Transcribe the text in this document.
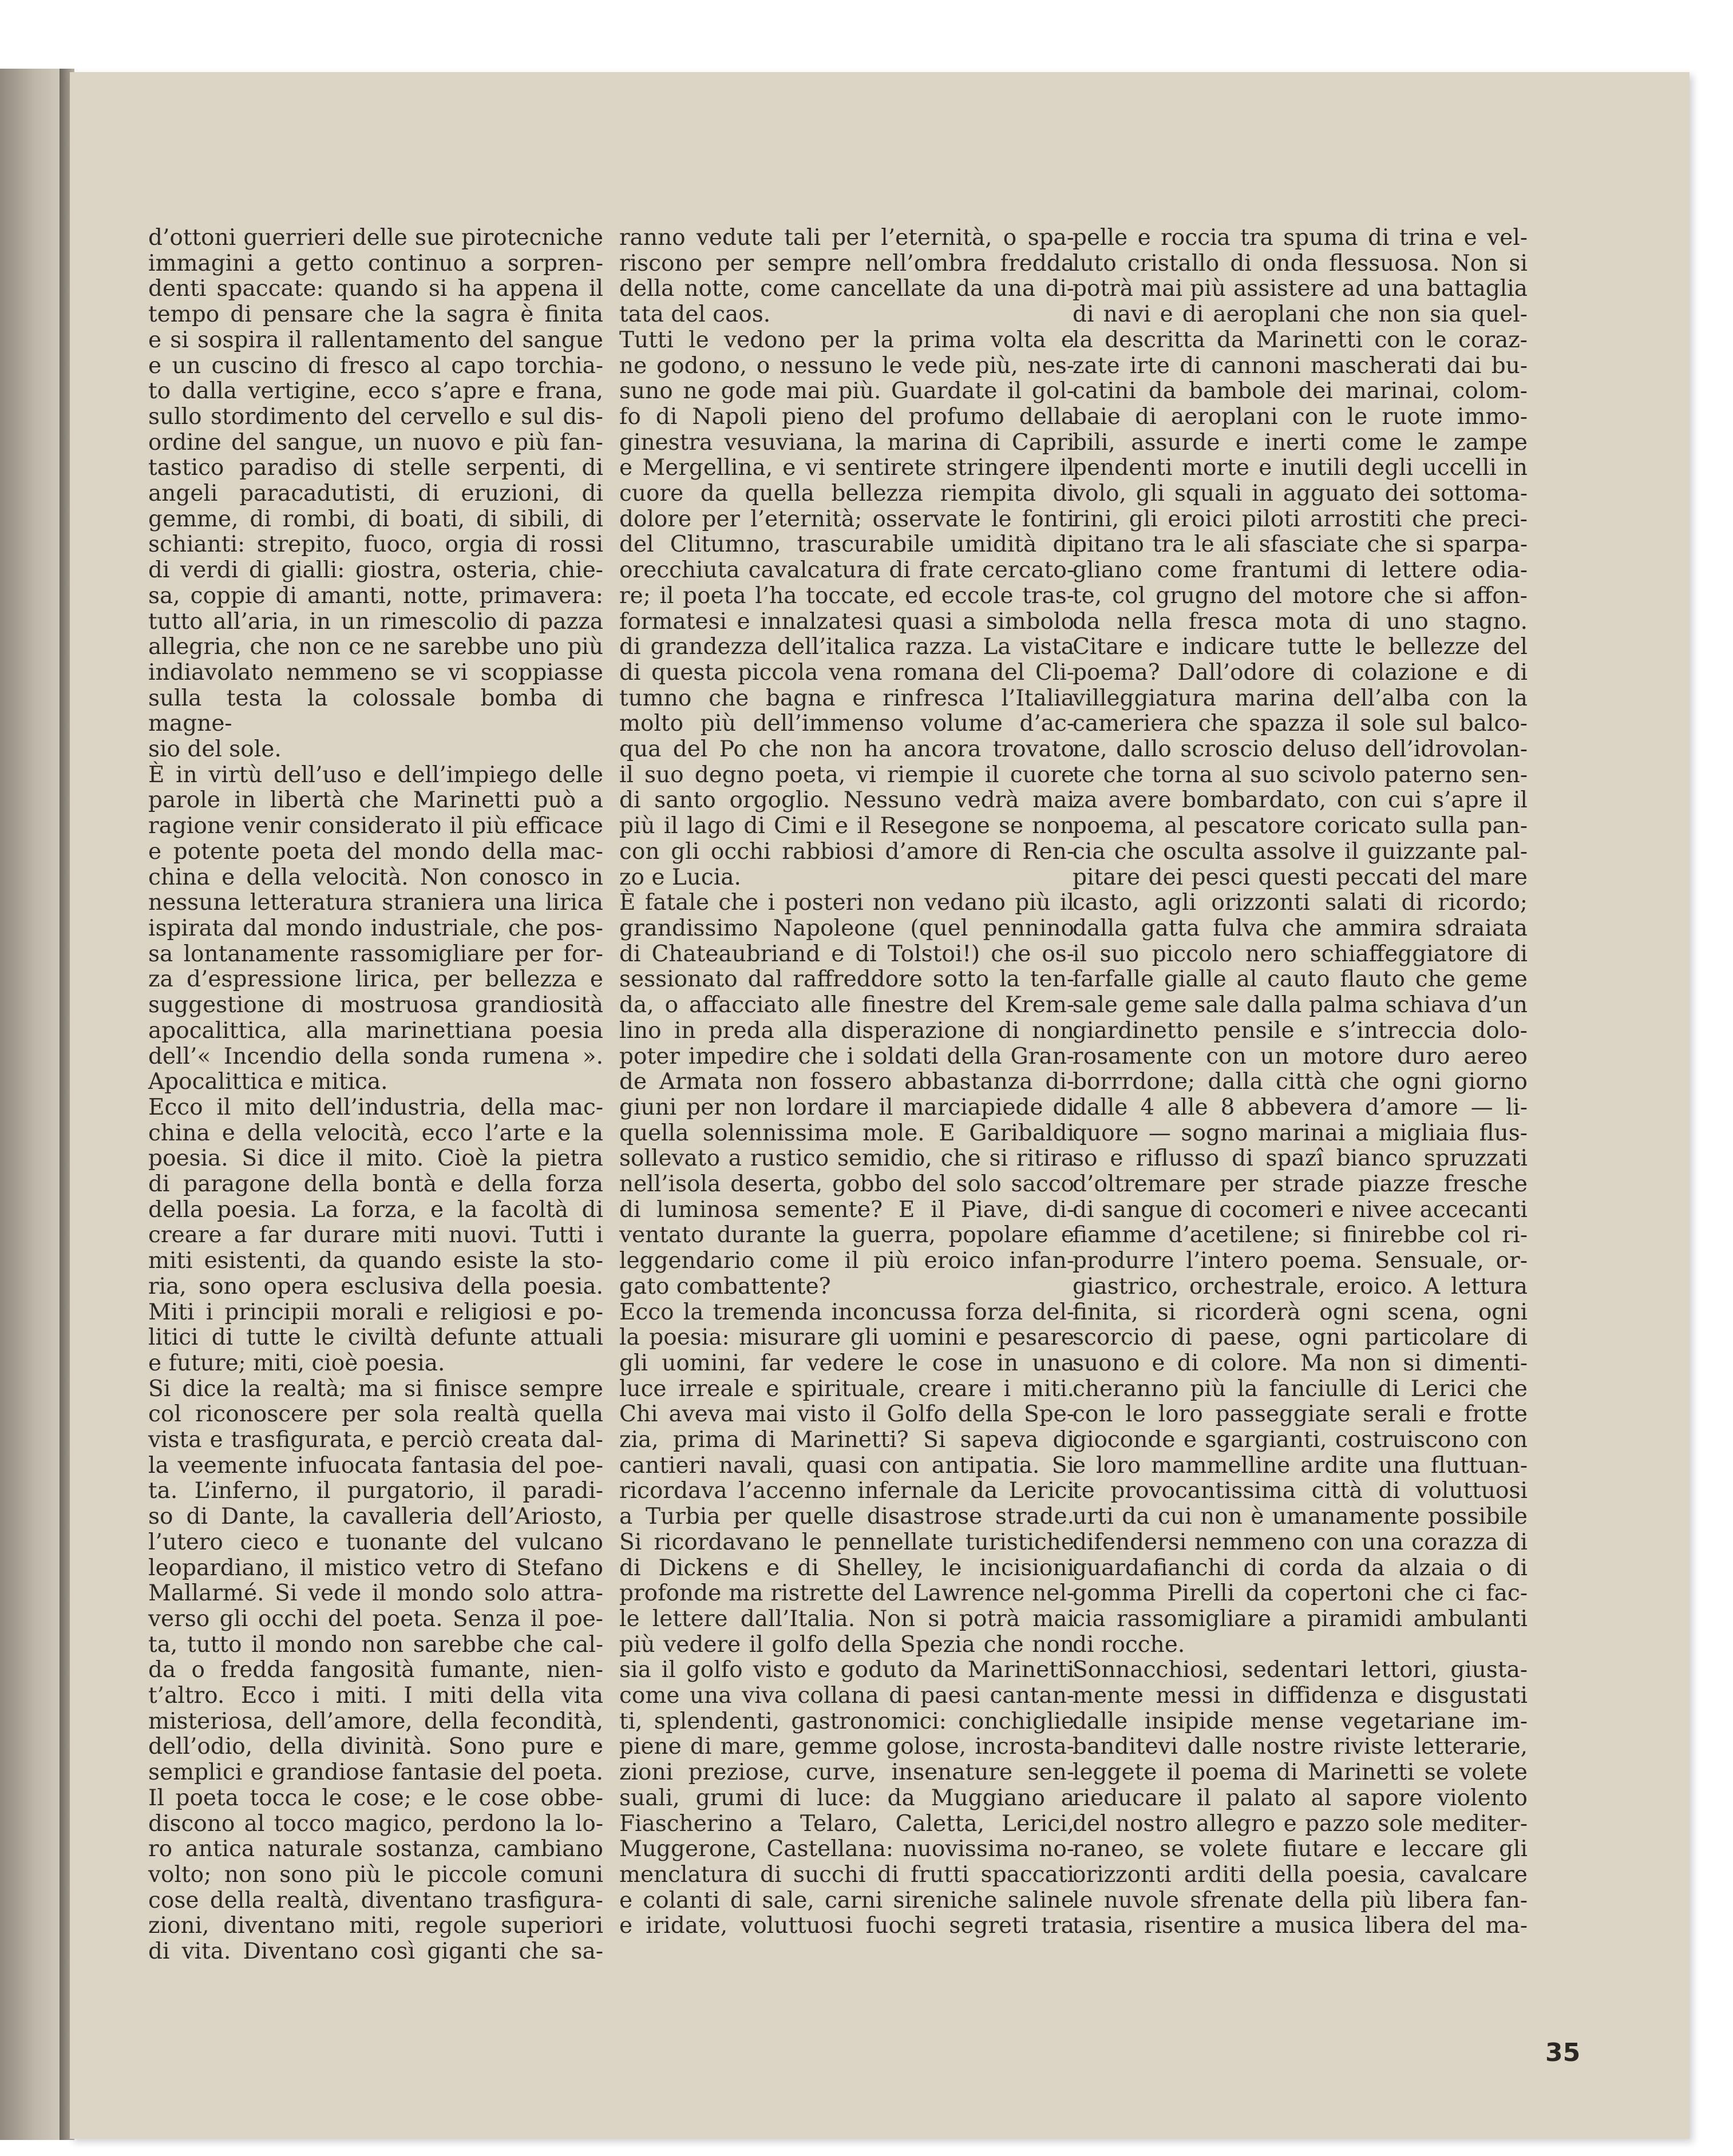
d’ottoni guerrieri delle sue pirotecniche

immagini a getto continuo a sorpren-

denti spaccate: quando si ha appena il

tempo di pensare che la sagra è finita

e si sospira il rallentamento del sangue

e un cuscino di fresco al capo torchia-

to dalla vertigine, ecco s’apre e frana,

sullo stordimento del cervello e sul dis-

ordine del sangue, un nuovo e più fan-

tastico paradiso di stelle serpenti, di

angeli paracadutisti, di eruzioni, di

gemme, di rombi, di boati, di sibili, di

schianti: strepito, fuoco, orgia di rossi

di verdi di gialli: giostra, osteria, chie-

sa, coppie di amanti, notte, primavera:

tutto all’aria, in un rimescolio di pazza

allegria, che non ce ne sarebbe uno più

indiavolato nemmeno se vi scoppiasse

sulla testa la colossale bomba di magne-

sio del sole.

È in virtù dell’uso e dell’impiego delle

parole in libertà che Marinetti può a

ragione venir considerato il più efficace

e potente poeta del mondo della mac-

china e della velocità. Non conosco in

nessuna letteratura straniera una lirica

ispirata dal mondo industriale, che pos-

sa lontanamente rassomigliare per for-

za d’espressione lirica, per bellezza e

suggestione di mostruosa grandiosità

apocalittica, alla marinettiana poesia

dell’« Incendio della sonda rumena ».

Apocalittica e mitica.

Ecco il mito dell’industria, della mac-

china e della velocità, ecco l’arte e la

poesia. Si dice il mito. Cioè la pietra

di paragone della bontà e della forza

della poesia. La forza, e la facoltà di

creare a far durare miti nuovi. Tutti i

miti esistenti, da quando esiste la sto-

ria, sono opera esclusiva della poesia.

Miti i principii morali e religiosi e po-

litici di tutte le civiltà defunte attuali

e future; miti, cioè poesia.

Si dice la realtà; ma si finisce sempre

col riconoscere per sola realtà quella

vista e trasfigurata, e perciò creata dal-

la veemente infuocata fantasia del poe-

ta. L’inferno, il purgatorio, il paradi-

so di Dante, la cavalleria dell’Ariosto,

l’utero cieco e tuonante del vulcano

leopardiano, il mistico vetro di Stefano

Mallarmé. Si vede il mondo solo attra-

verso gli occhi del poeta. Senza il poe-

ta, tutto il mondo non sarebbe che cal-

da o fredda fangosità fumante, nien-

t’altro. Ecco i miti. I miti della vita

misteriosa, dell’amore, della fecondità,

dell’odio, della divinità. Sono pure e

semplici e grandiose fantasie del poeta.

Il poeta tocca le cose; e le cose obbe-

discono al tocco magico, perdono la lo-

ro antica naturale sostanza, cambiano

volto; non sono più le piccole comuni

cose della realtà, diventano trasfigura-

zioni, diventano miti, regole superiori

di vita. Diventano così giganti che sa-

ranno vedute tali per l’eternità, o spa-

riscono per sempre nell’ombra fredda

della notte, come cancellate da una di-

tata del caos.

Tutti le vedono per la prima volta e

ne godono, o nessuno le vede più, nes-

suno ne gode mai più. Guardate il gol-

fo di Napoli pieno del profumo della

ginestra vesuviana, la marina di Capri

e Mergellina, e vi sentirete stringere il

cuore da quella bellezza riempita di

dolore per l’eternità; osservate le fonti

del Clitumno, trascurabile umidità di

orecchiuta cavalcatura di frate cercato-

re; il poeta l’ha toccate, ed eccole tras-

formatesi e innalzatesi quasi a simbolo

di grandezza dell’italica razza. La vista

di questa piccola vena romana del Cli-

tumno che bagna e rinfresca l’Italia

molto più dell’immenso volume d’ac-

qua del Po che non ha ancora trovato

il suo degno poeta, vi riempie il cuore

di santo orgoglio. Nessuno vedrà mai

più il lago di Cimi e il Resegone se non

con gli occhi rabbiosi d’amore di Ren-

zo e Lucia.

È fatale che i posteri non vedano più il

grandissimo Napoleone (quel pennino

di Chateaubriand e di Tolstoi!) che os-

sessionato dal raffreddore sotto la ten-

da, o affacciato alle finestre del Krem-

lino in preda alla disperazione di non

poter impedire che i soldati della Gran-

de Armata non fossero abbastanza di-

giuni per non lordare il marciapiede di

quella solennissima mole. E Garibaldi

sollevato a rustico semidio, che si ritira

nell’isola deserta, gobbo del solo sacco

di luminosa semente? E il Piave, di-

ventato durante la guerra, popolare e

leggendario come il più eroico infan-

gato combattente?

Ecco la tremenda inconcussa forza del-

la poesia: misurare gli uomini e pesare

gli uomini, far vedere le cose in una

luce irreale e spirituale, creare i miti.

Chi aveva mai visto il Golfo della Spe-

zia, prima di Marinetti? Si sapeva di

cantieri navali, quasi con antipatia. Si

ricordava l’accenno infernale da Lerici

a Turbia per quelle disastrose strade.

Si ricordavano le pennellate turistiche

di Dickens e di Shelley, le incisioni

profonde ma ristrette del Lawrence nel-

le lettere dall’Italia. Non si potrà mai

più vedere il golfo della Spezia che non

sia il golfo visto e goduto da Marinetti

come una viva collana di paesi cantan-

ti, splendenti, gastronomici: conchiglie

piene di mare, gemme golose, incrosta-

zioni preziose, curve, insenature sen-

suali, grumi di luce: da Muggiano a

Fiascherino a Telaro, Caletta, Lerici,

Muggerone, Castellana: nuovissima no-

menclatura di succhi di frutti spaccati

e colanti di sale, carni sireniche saline

e iridate, voluttuosi fuochi segreti tra

pelle e roccia tra spuma di trina e vel-

luto cristallo di onda flessuosa. Non si

potrà mai più assistere ad una battaglia

di navi e di aeroplani che non sia quel-

la descritta da Marinetti con le coraz-

zate irte di cannoni mascherati dai bu-

catini da bambole dei marinai, colom-

baie di aeroplani con le ruote immo-

bili, assurde e inerti come le zampe

pendenti morte e inutili degli uccelli in

volo, gli squali in agguato dei sottoma-

rini, gli eroici piloti arrostiti che preci-

pitano tra le ali sfasciate che si sparpa-

gliano come frantumi di lettere odia-

te, col grugno del motore che si affon-

da nella fresca mota di uno stagno.

Citare e indicare tutte le bellezze del

poema? Dall’odore di colazione e di

villeggiatura marina dell’alba con la

cameriera che spazza il sole sul balco-

ne, dallo scroscio deluso dell’idrovolan-

te che torna al suo scivolo paterno sen-

za avere bombardato, con cui s’apre il

poema, al pescatore coricato sulla pan-

cia che osculta assolve il guizzante pal-

pitare dei pesci questi peccati del mare

casto, agli orizzonti salati di ricordo;

dalla gatta fulva che ammira sdraiata

il suo piccolo nero schiaffeggiatore di

farfalle gialle al cauto flauto che geme

sale geme sale dalla palma schiava d’un

giardinetto pensile e s’intreccia dolo-

rosamente con un motore duro aereo

borrrdone; dalla città che ogni giorno

dalle 4 alle 8 abbevera d’amore — li-

quore — sogno marinai a migliaia flus-

so e riflusso di spazî bianco spruzzati

d’oltremare per strade piazze fresche

di sangue di cocomeri e nivee accecanti

fiamme d’acetilene; si finirebbe col ri-

produrre l’intero poema. Sensuale, or-

giastrico, orchestrale, eroico. A lettura

finita, si ricorderà ogni scena, ogni

scorcio di paese, ogni particolare di

suono e di colore. Ma non si dimenti-

cheranno più la fanciulle di Lerici che

con le loro passeggiate serali e frotte

gioconde e sgargianti, costruiscono con

e loro mammelline ardite una fluttuan-

te provocantissima città di voluttuosi

urti da cui non è umanamente possibile

difendersi nemmeno con una corazza di

guardafianchi di corda da alzaia o di

gomma Pirelli da copertoni che ci fac-

cia rassomigliare a piramidi ambulanti

di rocche.

Sonnacchiosi, sedentari lettori, giusta-

mente messi in diffidenza e disgustati

dalle insipide mense vegetariane im-

banditevi dalle nostre riviste letterarie,

leggete il poema di Marinetti se volete

rieducare il palato al sapore violento

del nostro allegro e pazzo sole mediter-

raneo, se volete fiutare e leccare gli

orizzonti arditi della poesia, cavalcare

le nuvole sfrenate della più libera fan-

tasia, risentire a musica libera del ma-

35
